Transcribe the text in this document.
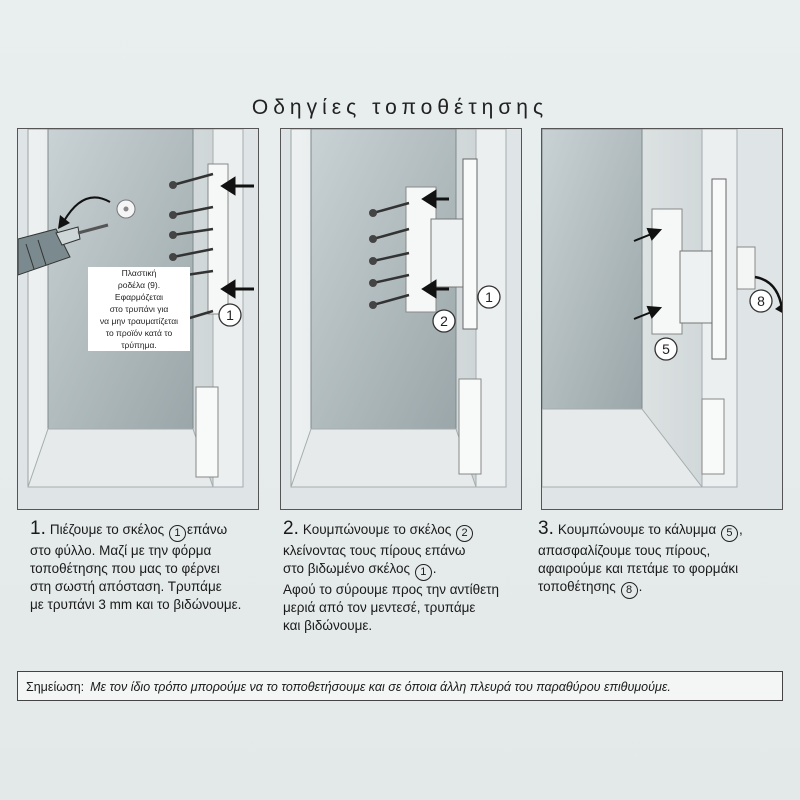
Οδηγίες τοποθέτησης
1
Πλαστική
ροδέλα (9).
Εφαρμόζεται
στο τρυπάνι για
να μην τραυματίζεται
το προϊόν κατά το
τρύπημα.
1
2
8
5
1. Πιέζουμε το σκέλος 1 επάνω
στο φύλλο. Μαζί με την φόρμα
τοποθέτησης που μας το φέρνει
στη σωστή απόσταση. Τρυπάμε
με τρυπάνι 3 mm και το βιδώνουμε.
2. Κουμπώνουμε το σκέλος 2
κλείνοντας τους πίρους επάνω
στο βιδωμένο σκέλος 1 .
Αφού το σύρουμε προς την αντίθετη
μεριά από τον μεντεσέ, τρυπάμε
και βιδώνουμε.
3. Κουμπώνουμε το κάλυμμα 5 ,
απασφαλίζουμε τους πίρους,
αφαιρούμε και πετάμε το φορμάκι
τοποθέτησης 8 .
Σημείωση: Με τον ίδιο τρόπο μπορούμε να το τοποθετήσουμε και σε όποια άλλη πλευρά του παραθύρου επιθυμούμε.
